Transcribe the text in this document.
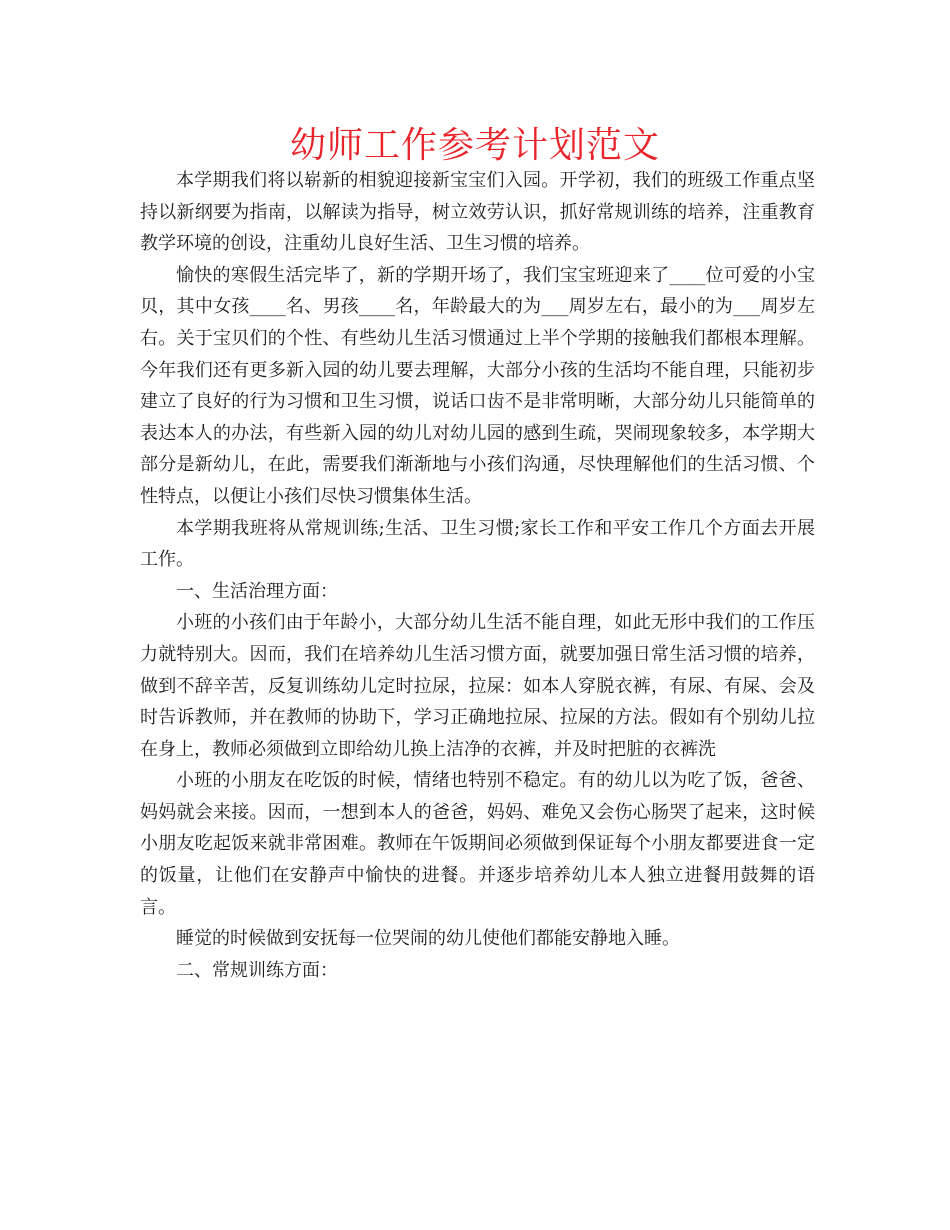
幼师工作参考计划范文

本学期我们将以崭新的相貌迎接新宝宝们入园。开学初，我们的班级工作重点坚持以新纲要为指南，以解读为指导，树立效劳认识，抓好常规训练的培养，注重教育教学环境的创设，注重幼儿良好生活、卫生习惯的培养。

愉快的寒假生活完毕了，新的学期开场了，我们宝宝班迎来了____位可爱的小宝贝，其中女孩____名、男孩____名，年龄最大的为___周岁左右，最小的为___周岁左右。关于宝贝们的个性、有些幼儿生活习惯通过上半个学期的接触我们都根本理解。今年我们还有更多新入园的幼儿要去理解，大部分小孩的生活均不能自理，只能初步建立了良好的行为习惯和卫生习惯，说话口齿不是非常明晰，大部分幼儿只能简单的表达本人的办法，有些新入园的幼儿对幼儿园的感到生疏，哭闹现象较多，本学期大部分是新幼儿，在此，需要我们渐渐地与小孩们沟通，尽快理解他们的生活习惯、个性特点，以便让小孩们尽快习惯集体生活。

本学期我班将从常规训练;生活、卫生习惯;家长工作和平安工作几个方面去开展工作。

一、生活治理方面：

小班的小孩们由于年龄小，大部分幼儿生活不能自理，如此无形中我们的工作压力就特别大。因而，我们在培养幼儿生活习惯方面，就要加强日常生活习惯的培养，做到不辞辛苦，反复训练幼儿定时拉尿，拉屎：如本人穿脱衣裤，有尿、有屎、会及时告诉教师，并在教师的协助下，学习正确地拉尿、拉屎的方法。假如有个别幼儿拉在身上，教师必须做到立即给幼儿换上洁净的衣裤，并及时把脏的衣裤洗

小班的小朋友在吃饭的时候，情绪也特别不稳定。有的幼儿以为吃了饭，爸爸、妈妈就会来接。因而，一想到本人的爸爸，妈妈、难免又会伤心肠哭了起来，这时候小朋友吃起饭来就非常困难。教师在午饭期间必须做到保证每个小朋友都要进食一定的饭量，让他们在安静声中愉快的进餐。并逐步培养幼儿本人独立进餐用鼓舞的语言。

睡觉的时候做到安抚每一位哭闹的幼儿使他们都能安静地入睡。

二、常规训练方面：
